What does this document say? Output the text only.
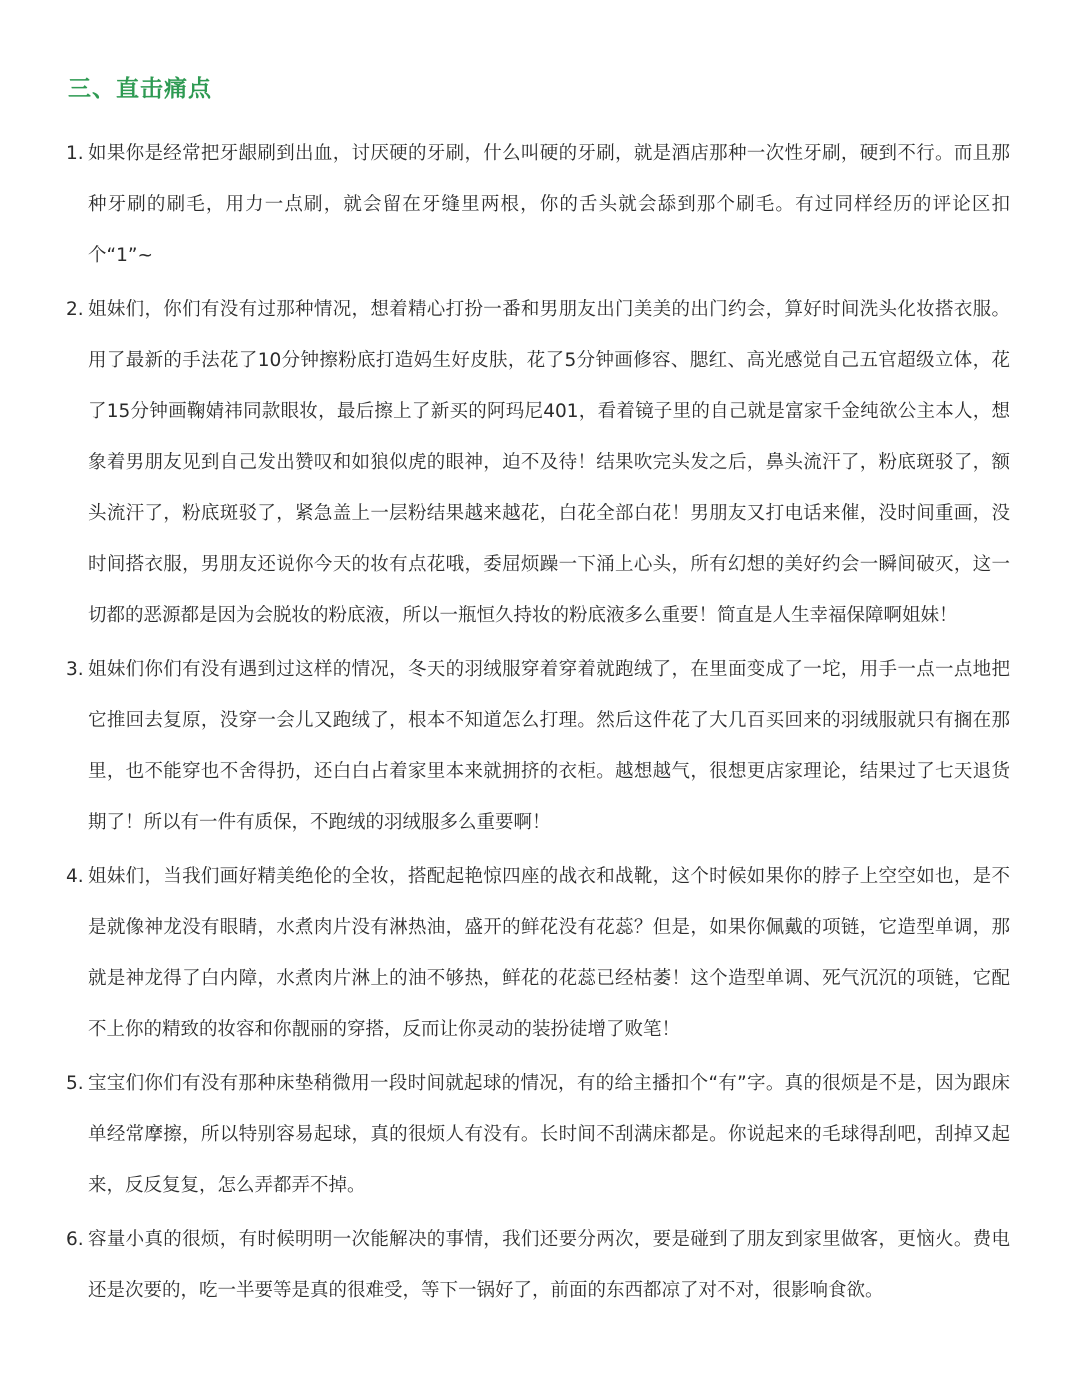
三、直击痛点
1. 如果你是经常把牙龈刷到出血，讨厌硬的牙刷，什么叫硬的牙刷，就是酒店那种一次性牙刷，硬到不行。而且那种牙刷的刷毛，用力一点刷，就会留在牙缝里两根，你的舌头就会舔到那个刷毛。有过同样经历的评论区扣个“1”~
2. 姐妹们，你们有没有过那种情况，想着精心打扮一番和男朋友出门美美的出门约会，算好时间洗头化妆搭衣服。用了最新的手法花了10分钟擦粉底打造妈生好皮肤，花了5分钟画修容、腮红、高光感觉自己五官超级立体，花了15分钟画鞠婧祎同款眼妆，最后擦上了新买的阿玛尼401，看着镜子里的自己就是富家千金纯欲公主本人，想象着男朋友见到自己发出赞叹和如狼似虎的眼神，迫不及待！结果吹完头发之后，鼻头流汗了，粉底斑驳了，额头流汗了，粉底斑驳了，紧急盖上一层粉结果越来越花，白花全部白花！男朋友又打电话来催，没时间重画，没时间搭衣服，男朋友还说你今天的妆有点花哦，委屈烦躁一下涌上心头，所有幻想的美好约会一瞬间破灭，这一切都的恶源都是因为会脱妆的粉底液，所以一瓶恒久持妆的粉底液多么重要！简直是人生幸福保障啊姐妹！
3. 姐妹们你们有没有遇到过这样的情况，冬天的羽绒服穿着穿着就跑绒了，在里面变成了一坨，用手一点一点地把它推回去复原，没穿一会儿又跑绒了，根本不知道怎么打理。然后这件花了大几百买回来的羽绒服就只有搁在那里，也不能穿也不舍得扔，还白白占着家里本来就拥挤的衣柜。越想越气，很想更店家理论，结果过了七天退货期了！所以有一件有质保，不跑绒的羽绒服多么重要啊！
4. 姐妹们，当我们画好精美绝伦的全妆，搭配起艳惊四座的战衣和战靴，这个时候如果你的脖子上空空如也，是不是就像神龙没有眼睛，水煮肉片没有淋热油，盛开的鲜花没有花蕊？但是，如果你佩戴的项链，它造型单调，那就是神龙得了白内障，水煮肉片淋上的油不够热，鲜花的花蕊已经枯萎！这个造型单调、死气沉沉的项链，它配不上你的精致的妆容和你靓丽的穿搭，反而让你灵动的装扮徒增了败笔！
5. 宝宝们你们有没有那种床垫稍微用一段时间就起球的情况，有的给主播扣个“有”字。真的很烦是不是，因为跟床单经常摩擦，所以特别容易起球，真的很烦人有没有。长时间不刮满床都是。你说起来的毛球得刮吧，刮掉又起来，反反复复，怎么弄都弄不掉。
6. 容量小真的很烦，有时候明明一次能解决的事情，我们还要分两次，要是碰到了朋友到家里做客，更恼火。费电还是次要的，吃一半要等是真的很难受，等下一锅好了，前面的东西都凉了对不对，很影响食欲。
